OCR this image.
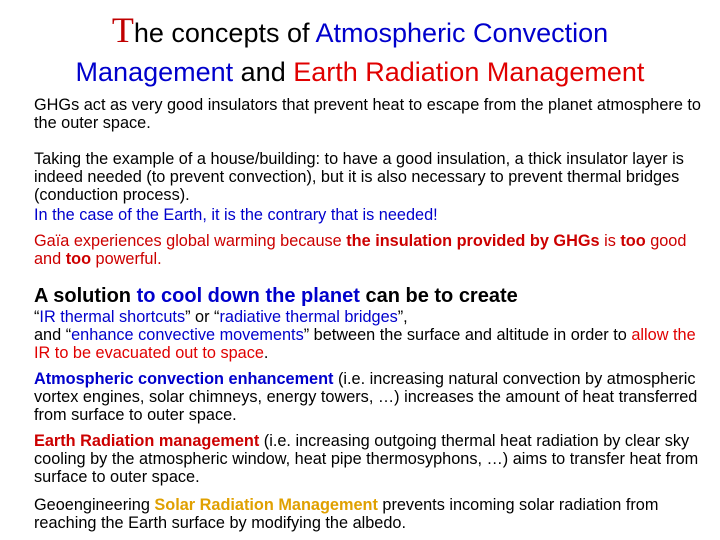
The concepts of Atmospheric Convection
Management and Earth Radiation Management

GHGs act as very good insulators that prevent heat to escape from the planet atmosphere to the outer space.

Taking the example of a house/building: to have a good insulation, a thick insulator layer is indeed needed (to prevent convection), but it is also necessary to prevent thermal bridges (conduction process).

In the case of the Earth, it is the contrary that is needed!

Gaïa experiences global warming because the insulation provided by GHGs is too good and too powerful.

A solution to cool down the planet can be to create

“IR thermal shortcuts” or “radiative thermal bridges”,
and “enhance convective movements” between the surface and altitude in order to allow the IR to be evacuated out to space.

Atmospheric convection enhancement (i.e. increasing natural convection by atmospheric vortex engines, solar chimneys, energy towers, …) increases the amount of heat transferred from surface to outer space.

Earth Radiation management (i.e. increasing outgoing thermal heat radiation by clear sky cooling by the atmospheric window, heat pipe thermosyphons, …) aims to transfer heat from surface to outer space.

Geoengineering Solar Radiation Management prevents incoming solar radiation from reaching the Earth surface by modifying the albedo.
